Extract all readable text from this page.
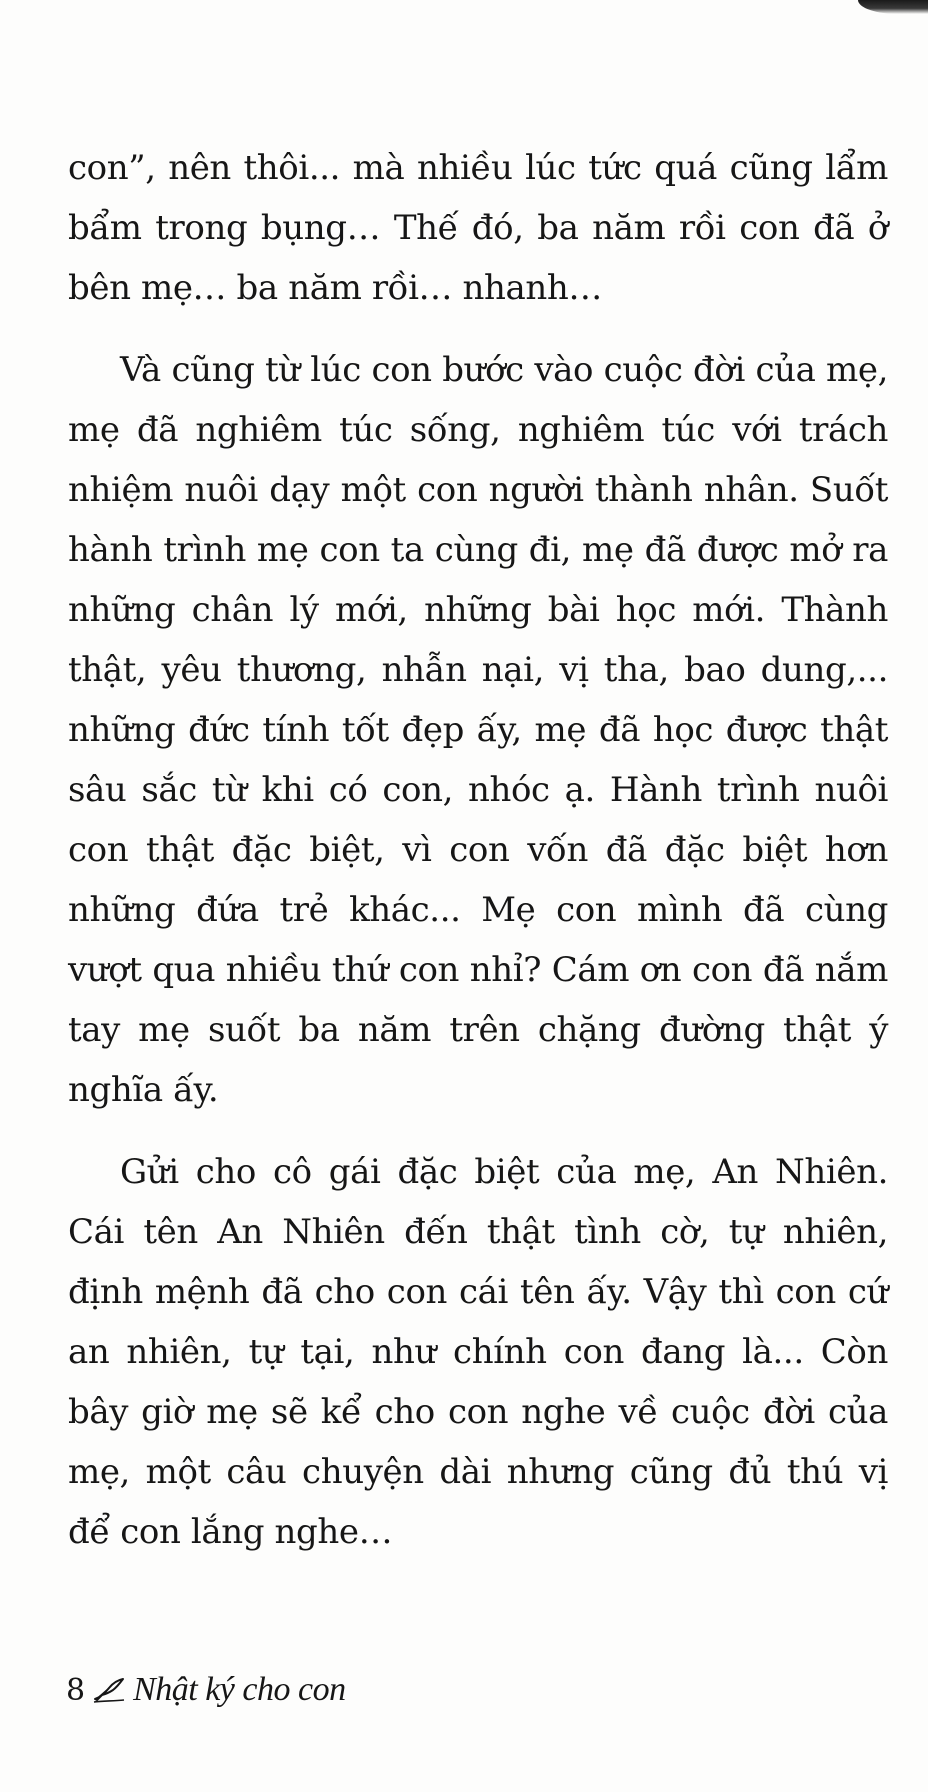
con”, nên thôi... mà nhiều lúc tức quá cũng lẩm bẩm trong bụng… Thế đó, ba năm rồi con đã ở bên mẹ… ba năm rồi… nhanh…

Và cũng từ lúc con bước vào cuộc đời của mẹ, mẹ đã nghiêm túc sống, nghiêm túc với trách nhiệm nuôi dạy một con người thành nhân. Suốt hành trình mẹ con ta cùng đi, mẹ đã được mở ra những chân lý mới, những bài học mới. Thành thật, yêu thương, nhẫn nại, vị tha, bao dung,... những đức tính tốt đẹp ấy, mẹ đã học được thật sâu sắc từ khi có con, nhóc ạ. Hành trình nuôi con thật đặc biệt, vì con vốn đã đặc biệt hơn những đứa trẻ khác... Mẹ con mình đã cùng vượt qua nhiều thứ con nhỉ? Cám ơn con đã nắm tay mẹ suốt ba năm trên chặng đường thật ý nghĩa ấy.

Gửi cho cô gái đặc biệt của mẹ, An Nhiên. Cái tên An Nhiên đến thật tình cờ, tự nhiên, định mệnh đã cho con cái tên ấy. Vậy thì con cứ an nhiên, tự tại, như chính con đang là... Còn bây giờ mẹ sẽ kể cho con nghe về cuộc đời của mẹ, một câu chuyện dài nhưng cũng đủ thú vị để con lắng nghe…

8 Nhật ký cho con
